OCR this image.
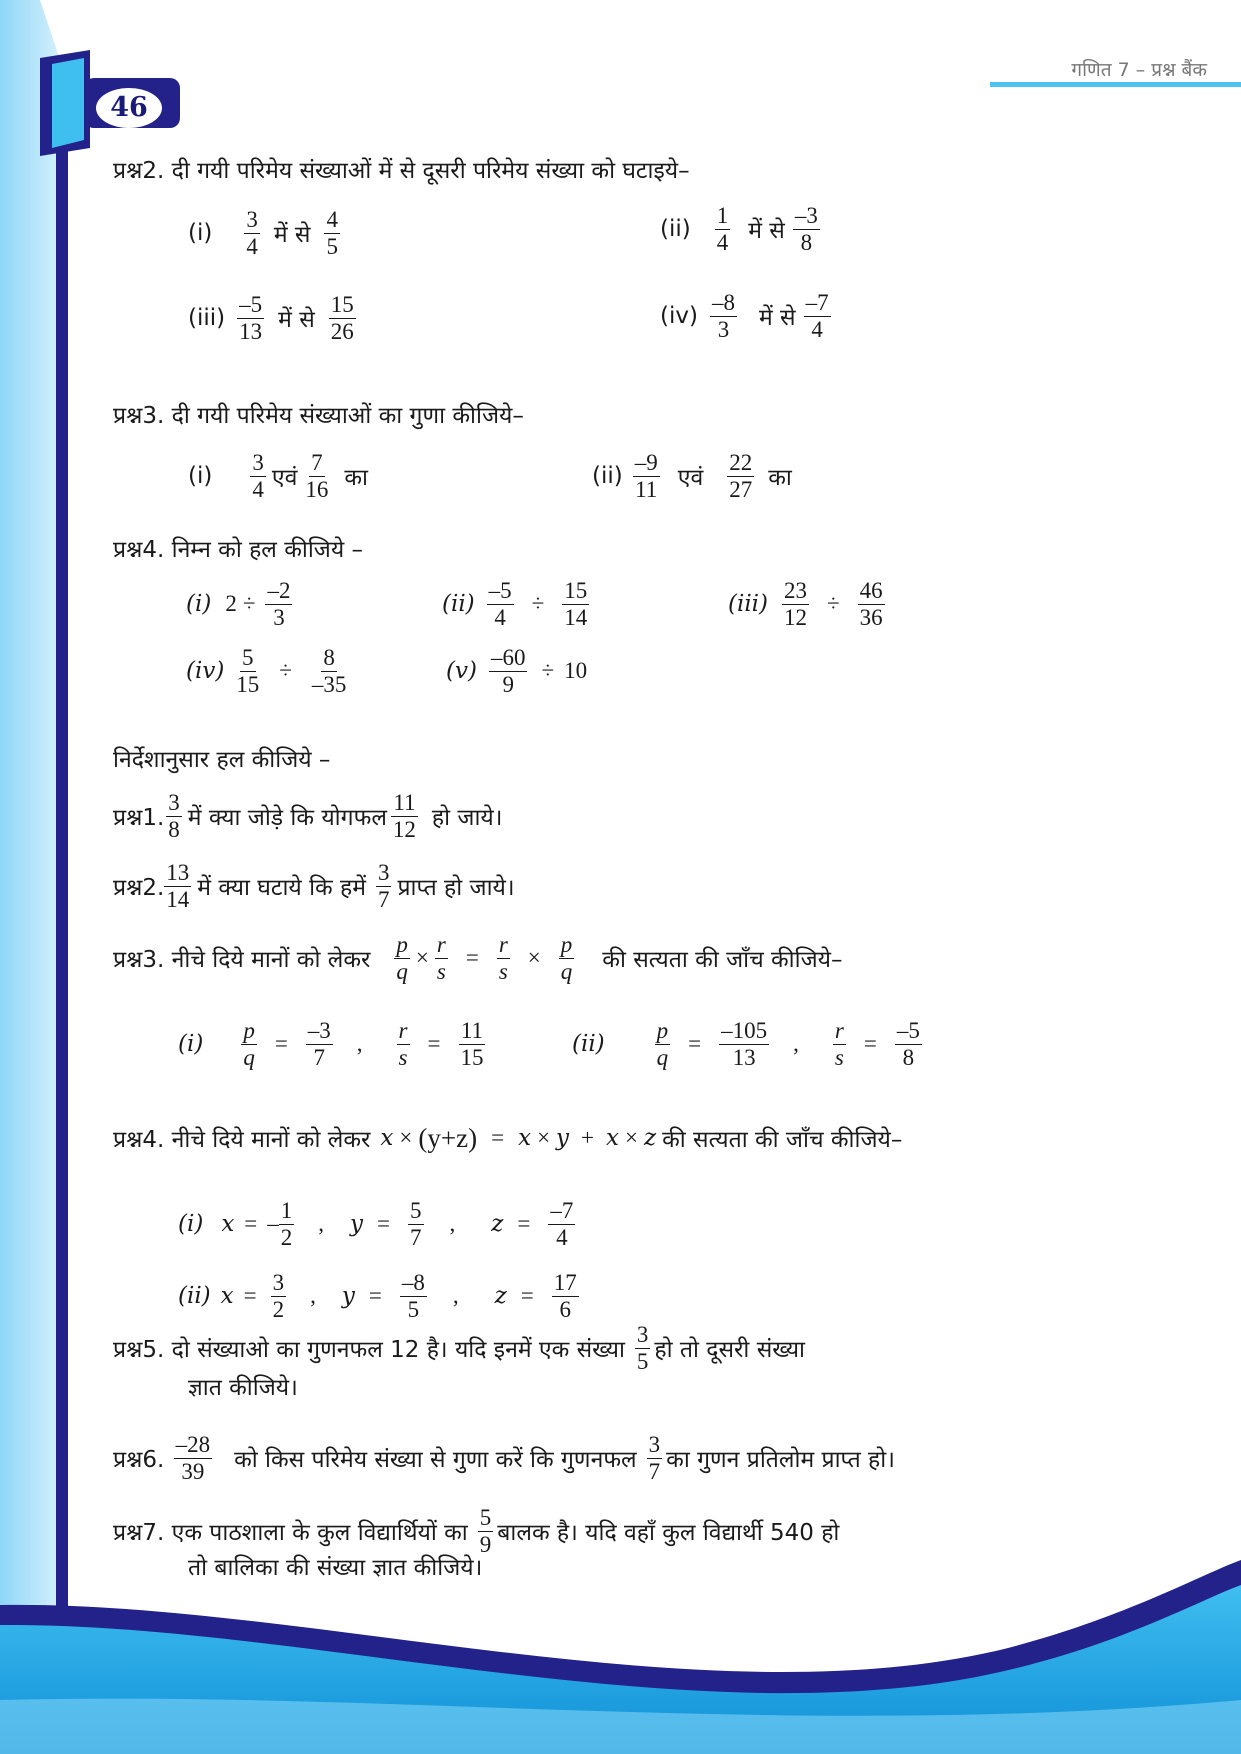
गणित 7 – प्रश्न बैंक
46
प्रश्न2.
दी गयी परिमेय संख्याओं में से दूसरी परिमेय संख्या को घटाइये–
(i)
3
4 में से
4
5
(ii)
1
4 में से
–3
8
(iii)
–5
13 में से
15
26
(iv)
–8
3 में से
–7
4
प्रश्न3.
दी गयी परिमेय संख्याओं का गुणा कीजिये–
(i)
3
4 एवं
7
16 का	(ii)
–9
11 एवं
22
27 का
प्रश्न4.
निम्न को हल कीजिये –
(i) $2 \div \frac{-2}{3}$	$(ii) \frac{-5}{4} \div \frac{15}{14}$	$(iii) \frac{23}{12} \div \frac{46}{36}$
$(iv) \frac{5}{15} \div \frac{8}{-35}$	$(v) \frac{-60}{9} \div 10$
निर्देशानुसार हल कीजिये –
प्रश्न1.
3
8 में क्या जोड़े कि योगफल
11
12 हो जाये।
प्रश्न2.
13
14 में क्या घटाये कि हमें
3
7 प्राप्त हो जाये।
प्रश्न3.
नीचे दिये मानों को लेकर $\frac{p}{q} \times \frac{r}{s} = \frac{r}{s} \times \frac{p}{q}$ की सत्यता की जाँच कीजिये–
$(i) \frac{p}{q} = \frac{-3}{7}$ , $\frac{r}{s} = \frac{11}{15}$	$(ii) \frac{p}{q} = \frac{-105}{13}$ , $\frac{r}{s} = \frac{-5}{8}$
प्रश्न4.
नीचे दिये मानों को लेकर x × (y+z) = x × y + x × z की सत्यता की जाँच कीजिये–
(i) x = –
1
2
, $y = \frac{5}{7}$ , $z = \frac{-7}{4}$
(ii) $x = \frac{3}{2}$ , $y = \frac{-8}{5}$ , $z = \frac{17}{6}$
प्रश्न5.
दो संख्याओ का गुणनफल 12 है। यदि इनमें एक संख्या
3
5 हो तो दूसरी संख्या
ज्ञात कीजिये।
प्रश्न6.

–28
39 को किस परिमेय संख्या से गुणा करें कि गुणनफल
3
7 का गुणन प्रतिलोम प्राप्त हो।
प्रश्न7.
एक पाठशाला के कुल विद्यार्थियों का
5
9 बालक है। यदि वहाँ कुल विद्यार्थी 540 हो
तो बालिका की संख्या ज्ञात कीजिये।
